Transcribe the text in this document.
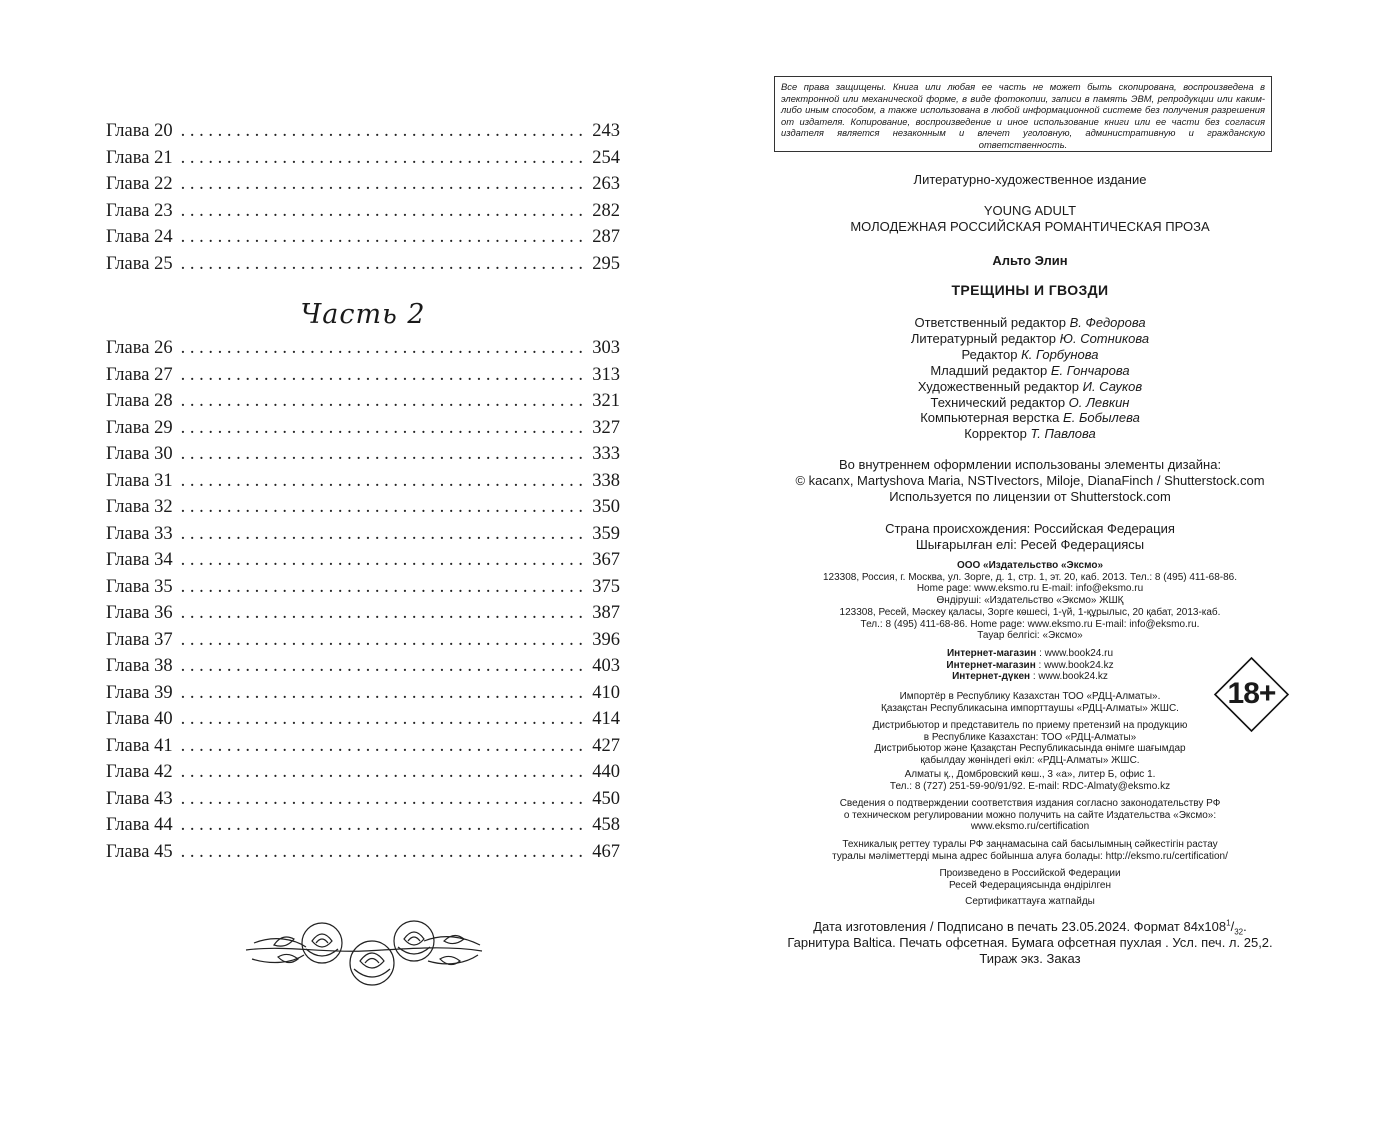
Глава 20 . . .	243
Глава 21 . . .	254
Глава 22 . . .	263
Глава 23 . . .	282
Глава 24 . . .	287
Глава 25 . . .	295
Часть 2
Глава 26 . . .	303
Глава 27 . . .	313
Глава 28 . . .	321
Глава 29 . . .	327
Глава 30 . . .	333
Глава 31 . . .	338
Глава 32 . . .	350
Глава 33 . . .	359
Глава 34 . . .	367
Глава 35 . . .	375
Глава 36 . . .	387
Глава 37 . . .	396
Глава 38 . . .	403
Глава 39 . . .	410
Глава 40 . . .	414
Глава 41 . . .	427
Глава 42 . . .	440
Глава 43 . . .	450
Глава 44 . . .	458
Глава 45 . . .	467
Все права защищены. Книга или любая ее часть не может быть скопирована, воспроизведена в электронной или механической форме, в виде фотокопии, записи в память ЭВМ, репродукции или каким-либо иным способом, а также использована в любой информационной системе без получения разрешения от издателя. Копирование, воспроизведение и иное использование книги или ее части без согласия издателя является незаконным и влечет уголовную, административную и гражданскую ответственность.
Литературно-художественное издание
YOUNG ADULT
МОЛОДЕЖНАЯ РОССИЙСКАЯ РОМАНТИЧЕСКАЯ ПРОЗА
Альто Элин
ТРЕЩИНЫ И ГВОЗДИ
Ответственный редактор В. Федорова
Литературный редактор Ю. Сотникова
Редактор К. Горбунова
Младший редактор Е. Гончарова
Художественный редактор И. Сауков
Технический редактор О. Левкин
Компьютерная верстка Е. Бобылева
Корректор Т. Павлова
Во внутреннем оформлении использованы элементы дизайна:
© kacanx, Martyshova Maria, NSTIvectors, Miloje, DianaFinch / Shutterstock.com
Используется по лицензии от Shutterstock.com
Страна происхождения: Российская Федерация
Шығарылған елі: Ресей Федерациясы
ООО «Издательство «Эксмо»
123308, Россия, г. Москва, ул. Зорге, д. 1, стр. 1, эт. 20, каб. 2013. Тел.: 8 (495) 411-68-86.
Home page: www.eksmo.ru E-mail: info@eksmo.ru
Өндіруші: «Издательство «Эксмо» ЖШҚ
123308, Ресей, Мәскеу қаласы, Зорге көшесі, 1-үй, 1-құрылыс, 20 қабат, 2013-каб.
Тел.: 8 (495) 411-68-86. Home page: www.eksmo.ru E-mail: info@eksmo.ru.
Тауар белгісі: «Эксмо»
Интернет-магазин : www.book24.ru
Интернет-магазин : www.book24.kz
Интернет-дүкен : www.book24.kz
Импортёр в Республику Казахстан ТОО «РДЦ-Алматы».
Қазақстан Республикасына импорттаушы «РДЦ-Алматы» ЖШС.
Дистрибьютор и представитель по приему претензий на продукцию
в Республике Казахстан: ТОО «РДЦ-Алматы»
Дистрибьютор және Қазақстан Республикасында өнімге шағымдар
қабылдау жөніндегі өкіл: «РДЦ-Алматы» ЖШС.
Алматы қ., Домбровский көш., 3 «а», литер Б, офис 1.
Тел.: 8 (727) 251-59-90/91/92. E-mail: RDC-Almaty@eksmo.kz
Сведения о подтверждении соответствия издания согласно законодательству РФ
о техническом регулировании можно получить на сайте Издательства «Эксмо»:
www.eksmo.ru/certification
Техникалық реттеу туралы РФ заңнамасына сай басылымның сәйкестігін растау
туралы мәліметтерді мына адрес бойынша алуға болады: http://eksmo.ru/certification/
Произведено в Российской Федерации
Ресей Федерациясында өндірілген
Сертификаттауға жатпайды
Дата изготовления / Подписано в печать 23.05.2024. Формат $84x108^1/_{32}$.
Гарнитура Baltica. Печать офсетная. Бумага офсетная пухлая . Усл. печ. л. 25,2.
Тираж экз. Заказ
18+
